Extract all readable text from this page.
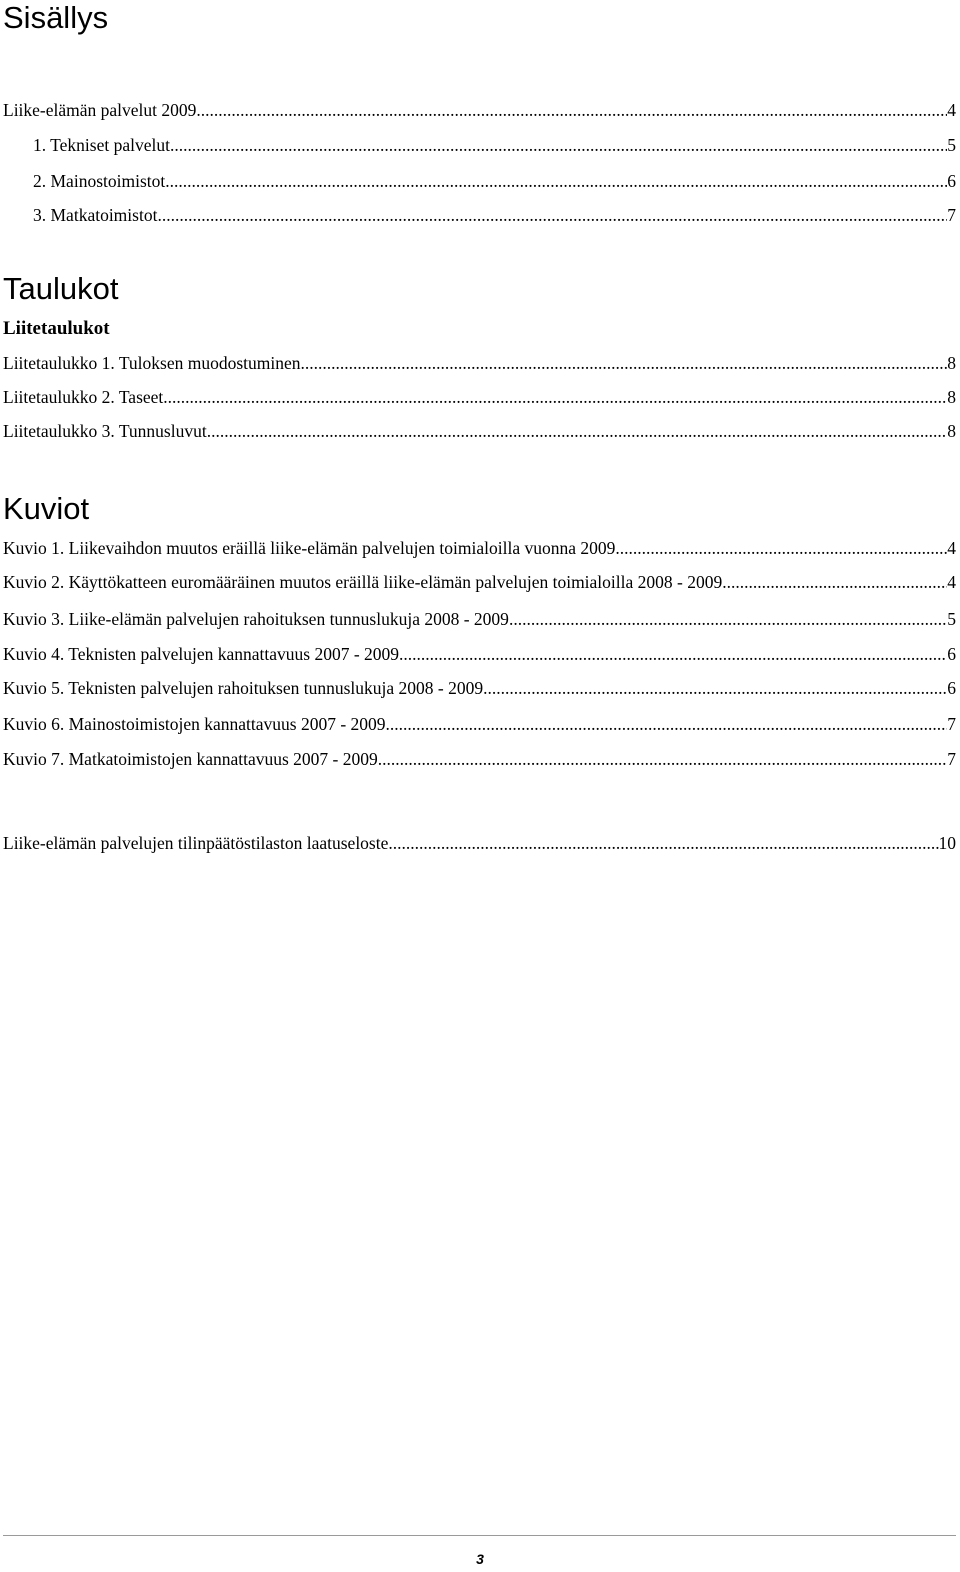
Sisällys
Liike-elämän palvelut 2009 .....	4
1. Tekniset palvelut .....	5
2. Mainostoimistot .....	6
3. Matkatoimistot .....	7
Taulukot
Liitetaulukot
Liitetaulukko 1. Tuloksen muodostuminen .....	8
Liitetaulukko 2. Taseet .....	8
Liitetaulukko 3. Tunnusluvut .....	8
Kuviot
Kuvio 1. Liikevaihdon muutos eräillä liike-elämän palvelujen toimialoilla vuonna 2009 .....	4
Kuvio 2. Käyttökatteen euromääräinen muutos eräillä liike-elämän palvelujen toimialoilla 2008 - 2009 .....	4
Kuvio 3. Liike-elämän palvelujen rahoituksen tunnuslukuja 2008 - 2009 .....	5
Kuvio 4. Teknisten palvelujen kannattavuus 2007 - 2009 .....	6
Kuvio 5. Teknisten palvelujen rahoituksen tunnuslukuja 2008 - 2009 .....	6
Kuvio 6. Mainostoimistojen kannattavuus 2007 - 2009 .....	7
Kuvio 7. Matkatoimistojen kannattavuus 2007 - 2009 .....	7
Liike-elämän palvelujen tilinpäätöstilaston laatuseloste .....	10
3
